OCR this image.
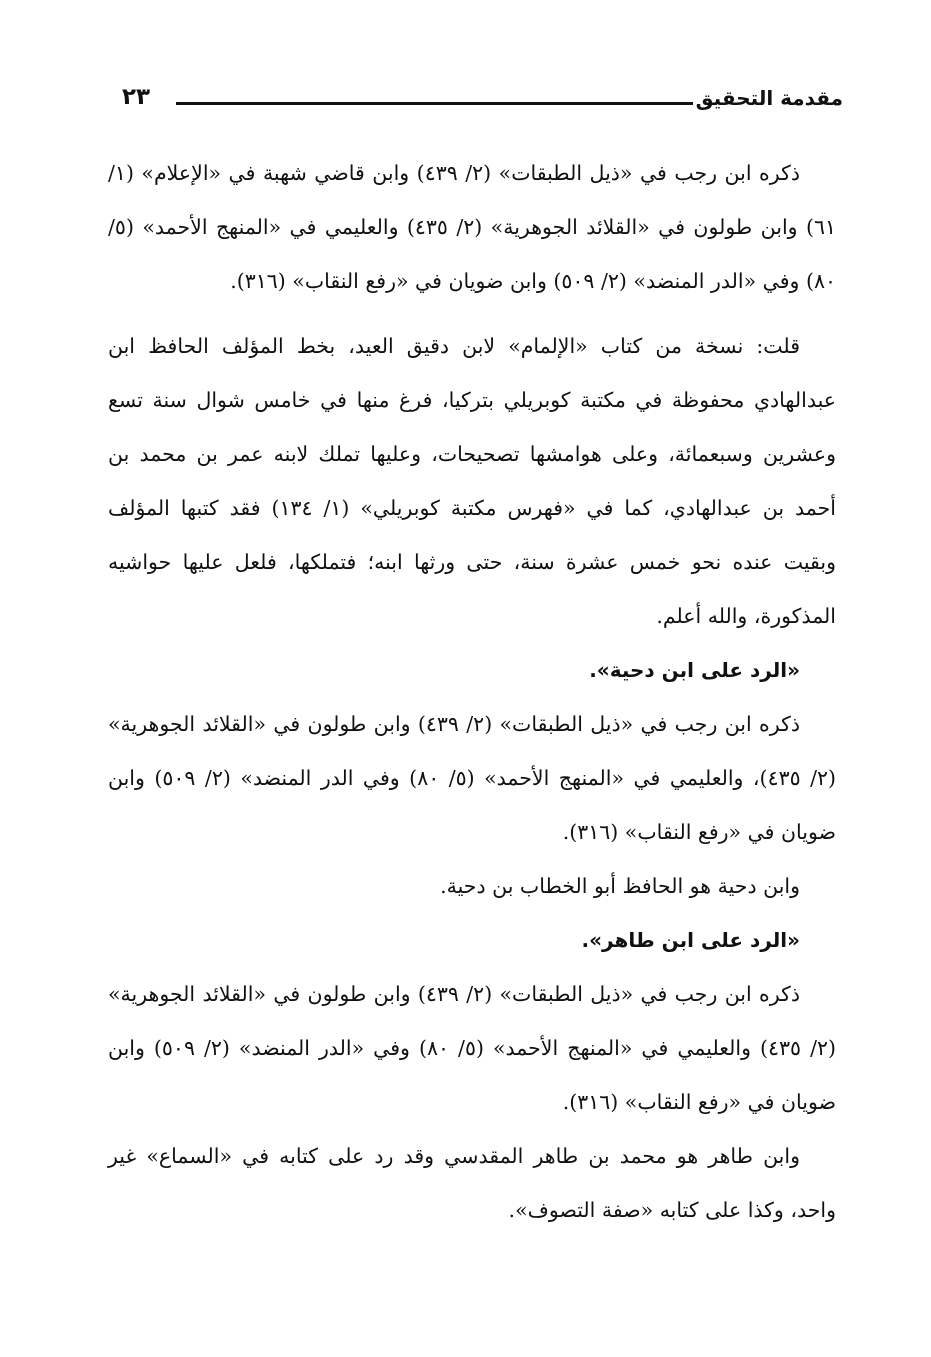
مقدمة التحقيق
٢٣

ذكره ابن رجب في «ذيل الطبقات» (٢/ ٤٣٩) وابن قاضي شهبة في «الإعلام» (١/ ٦١) وابن طولون في «القلائد الجوهرية» (٢/ ٤٣٥) والعليمي في «المنهج الأحمد» (٥/ ٨٠) وفي «الدر المنضد» (٢/ ٥٠٩) وابن ضويان في «رفع النقاب» (٣١٦).

قلت: نسخة من كتاب «الإلمام» لابن دقيق العيد، بخط المؤلف الحافظ ابن عبدالهادي محفوظة في مكتبة كوبريلي بتركيا، فرغ منها في خامس شوال سنة تسع وعشرين وسبعمائة، وعلى هوامشها تصحيحات، وعليها تملك لابنه عمر بن محمد بن أحمد بن عبدالهادي، كما في «فهرس مكتبة كوبريلي» (١/ ١٣٤) فقد كتبها المؤلف وبقيت عنده نحو خمس عشرة سنة، حتى ورثها ابنه؛ فتملكها، فلعل عليها حواشيه المذكورة، والله أعلم.

«الرد على ابن دحية».

ذكره ابن رجب في «ذيل الطبقات» (٢/ ٤٣٩) وابن طولون في «القلائد الجوهرية» (٢/ ٤٣٥)، والعليمي في «المنهج الأحمد» (٥/ ٨٠) وفي الدر المنضد» (٢/ ٥٠٩) وابن ضويان في «رفع النقاب» (٣١٦).

وابن دحية هو الحافظ أبو الخطاب بن دحية.

«الرد على ابن طاهر».

ذكره ابن رجب في «ذيل الطبقات» (٢/ ٤٣٩) وابن طولون في «القلائد الجوهرية» (٢/ ٤٣٥) والعليمي في «المنهج الأحمد» (٥/ ٨٠) وفي «الدر المنضد» (٢/ ٥٠٩) وابن ضويان في «رفع النقاب» (٣١٦).

وابن طاهر هو محمد بن طاهر المقدسي وقد رد على كتابه في «السماع» غير واحد، وكذا على كتابه «صفة التصوف».
